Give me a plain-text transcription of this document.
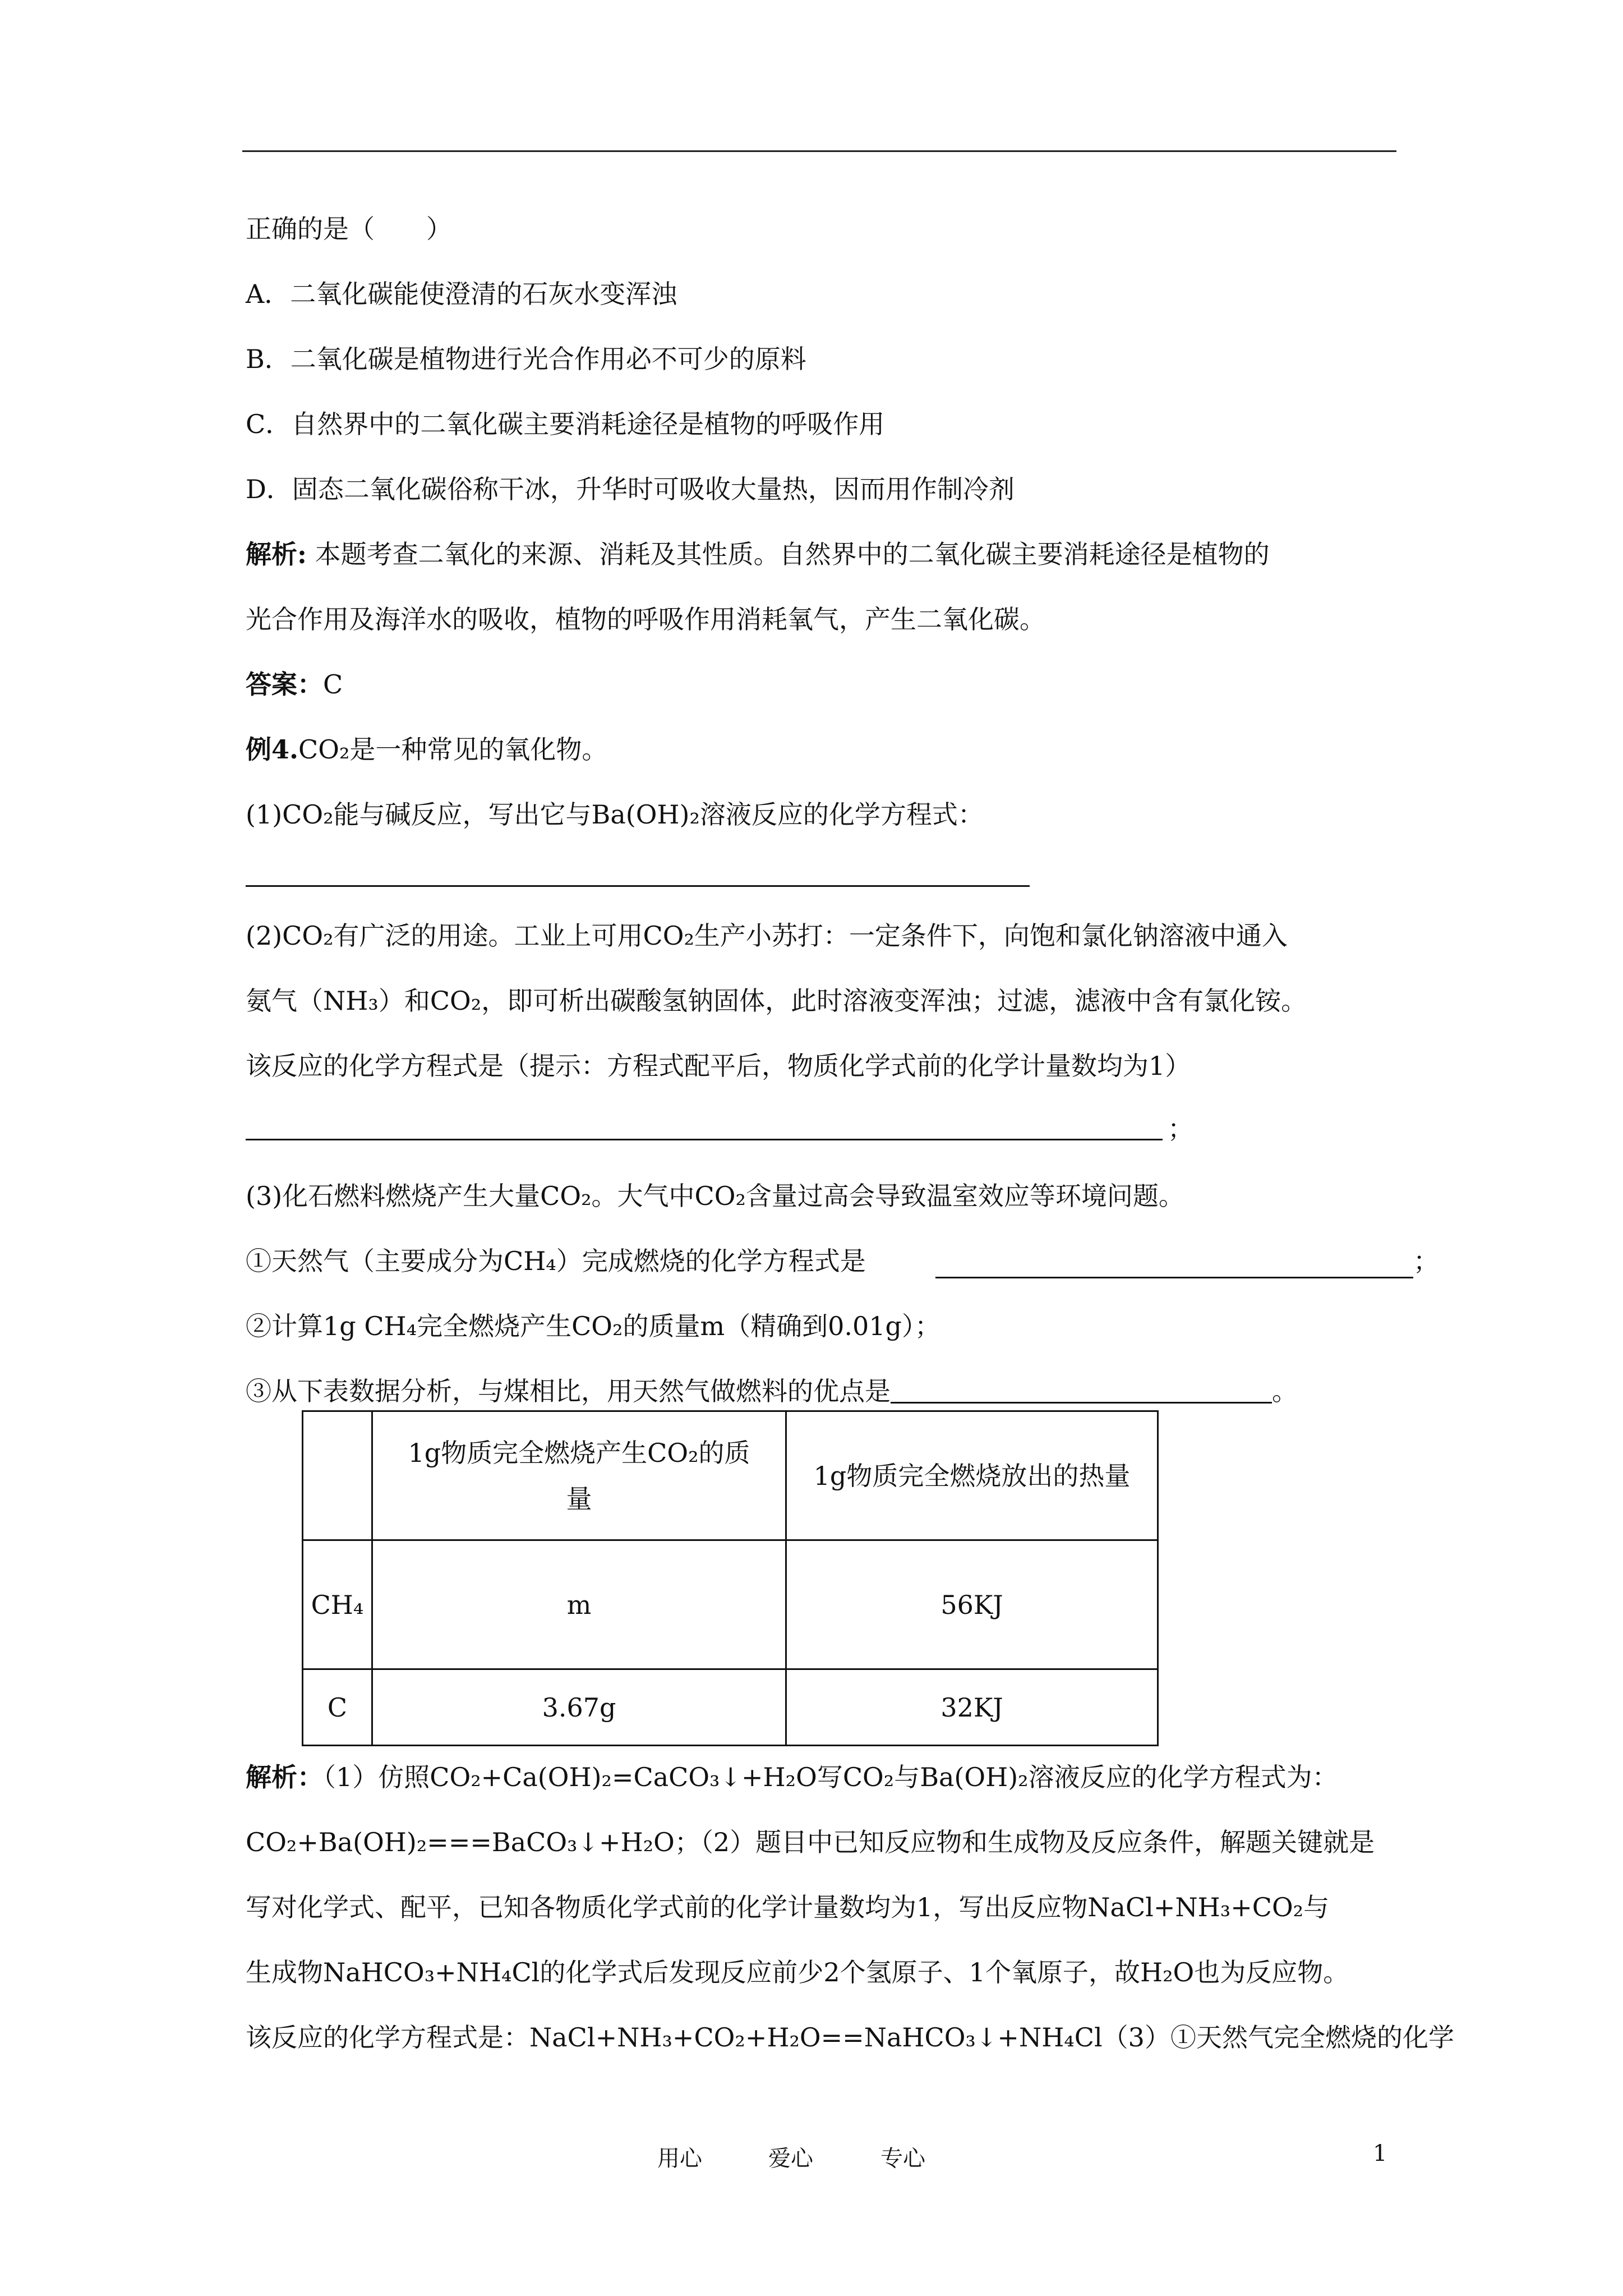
正确的是（　　）
A．二氧化碳能使澄清的石灰水变浑浊
B．二氧化碳是植物进行光合作用必不可少的原料
C．自然界中的二氧化碳主要消耗途径是植物的呼吸作用
D．固态二氧化碳俗称干冰，升华时可吸收大量热，因而用作制冷剂
解析: 本题考查二氧化的来源、消耗及其性质。自然界中的二氧化碳主要消耗途径是植物的
光合作用及海洋水的吸收，植物的呼吸作用消耗氧气，产生二氧化碳。
答案：C
例4.CO₂是一种常见的氧化物。
(1)CO₂能与碱反应，写出它与Ba(OH)₂溶液反应的化学方程式：
(2)CO₂有广泛的用途。工业上可用CO₂生产小苏打：一定条件下，向饱和氯化钠溶液中通入
氨气（NH₃）和CO₂，即可析出碳酸氢钠固体，此时溶液变浑浊；过滤，滤液中含有氯化铵。
该反应的化学方程式是（提示：方程式配平后，物质化学式前的化学计量数均为1）
；
(3)化石燃料燃烧产生大量CO₂。大气中CO₂含量过高会导致温室效应等环境问题。
①天然气（主要成分为CH₄）完成燃烧的化学方程式是	；
②计算1g CH₄完全燃烧产生CO₂的质量m（精确到0.01g）；
③从下表数据分析，与煤相比，用天然气做燃料的优点是	。
	1g物质完全燃烧产生CO₂的质量	1g物质完全燃烧放出的热量
CH₄	m	56KJ
C	3.67g	32KJ
解析：（1）仿照CO₂+Ca(OH)₂=CaCO₃↓+H₂O写CO₂与Ba(OH)₂溶液反应的化学方程式为：
CO₂+Ba(OH)₂===BaCO₃↓+H₂O；（2）题目中已知反应物和生成物及反应条件，解题关键就是
写对化学式、配平，已知各物质化学式前的化学计量数均为1，写出反应物NaCl+NH₃+CO₂与
生成物NaHCO₃+NH₄Cl的化学式后发现反应前少2个氢原子、1个氧原子，故H₂O也为反应物。
该反应的化学方程式是：NaCl+NH₃+CO₂+H₂O==NaHCO₃↓+NH₄Cl（3）①天然气完全燃烧的化学
用心	爱心	专心	1
